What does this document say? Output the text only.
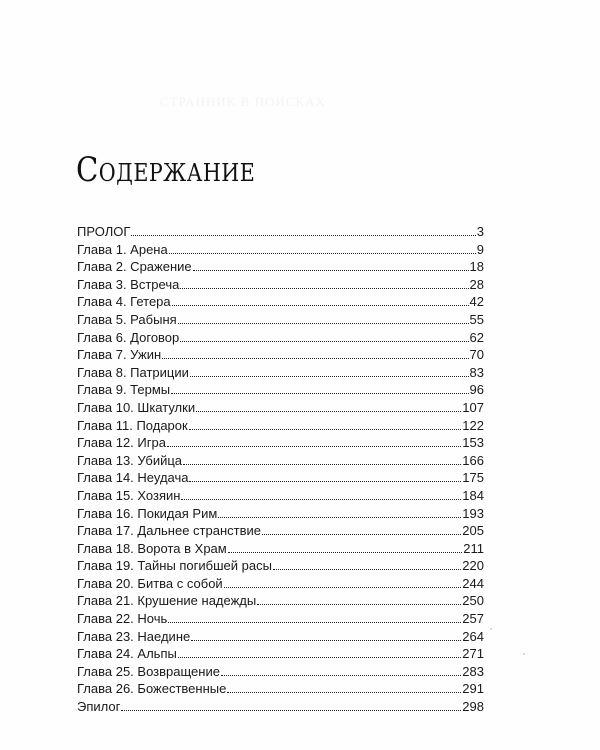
СТРАННИК В ПОИСКАХ
Содержание
ПРОЛОГ	3
Глава 1. Арена	9
Глава 2. Сражение	18
Глава 3. Встреча	28
Глава 4. Гетера	42
Глава 5. Рабыня	55
Глава 6. Договор	62
Глава 7. Ужин	70
Глава 8. Патриции	83
Глава 9. Термы	96
Глава 10. Шкатулки	107
Глава 11. Подарок	122
Глава 12. Игра	153
Глава 13. Убийца	166
Глава 14. Неудача	175
Глава 15. Хозяин	184
Глава 16. Покидая Рим	193
Глава 17. Дальнее странствие	205
Глава 18. Ворота в Храм	211
Глава 19. Тайны погибшей расы	220
Глава 20. Битва с собой	244
Глава 21. Крушение надежды	250
Глава 22. Ночь	257
Глава 23. Наедине	264
Глава 24. Альпы	271
Глава 25. Возвращение	283
Глава 26. Божественные	291
Эпилог	298
